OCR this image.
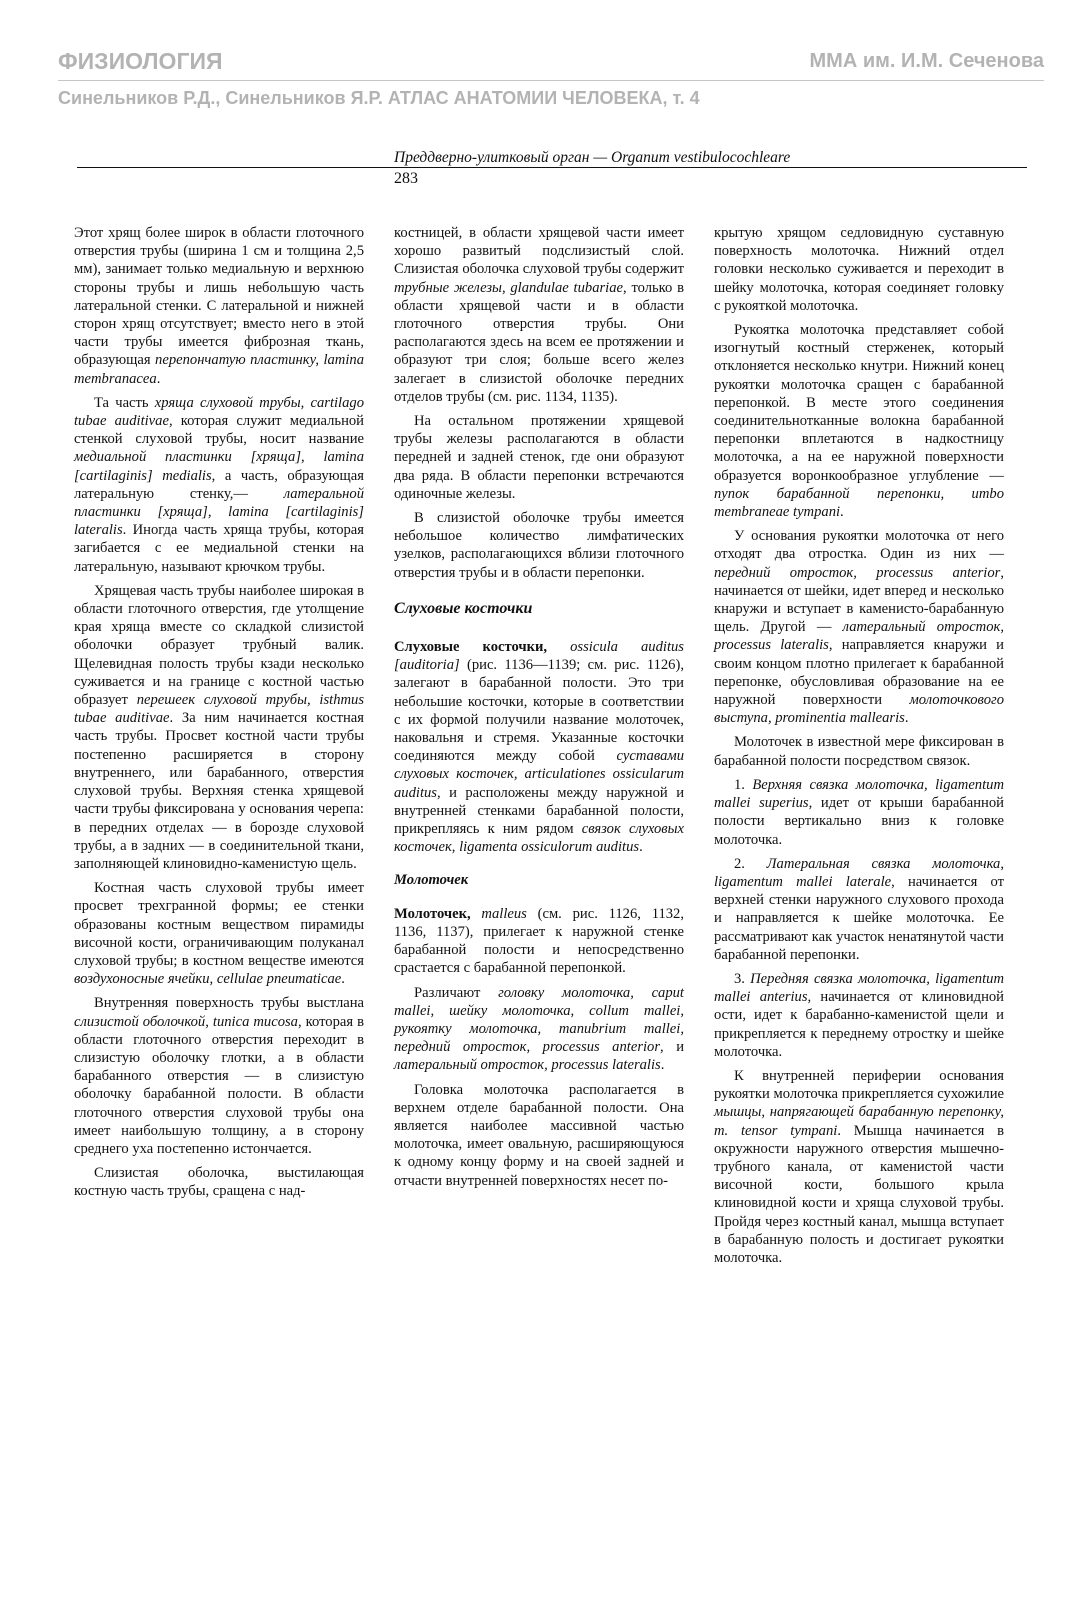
ФИЗИОЛОГИЯ	ММА им. И.М. Сеченова
Синельников Р.Д., Синельников Я.Р. АТЛАС АНАТОМИИ ЧЕЛОВЕКА, т. 4
Преддверно-улитковый орган — Organum vestibulocochleare
283

Этот хрящ более широк в области глоточного отверстия трубы (ширина 1 см и толщина 2,5 мм), занимает только медиальную и верхнюю стороны трубы и лишь небольшую часть латеральной стенки. С латеральной и нижней сторон хрящ отсутствует; вместо него в этой части трубы имеется фиброзная ткань, образующая перепончатую пластинку, lamina membranacea.

Та часть хряща слуховой трубы, cartilago tubae auditivae, которая служит медиальной стенкой слуховой трубы, носит название медиальной пластинки [хряща], lamina [cartilaginis] medialis, а часть, образующая латеральную стенку,— латеральной пластинки [хряща], lamina [cartilaginis] lateralis. Иногда часть хряща трубы, которая загибается с ее медиальной стенки на латеральную, называют крючком трубы.

Хрящевая часть трубы наиболее широкая в области глоточного отверстия, где утолщение края хряща вместе со складкой слизистой оболочки образует трубный валик. Щелевидная полость трубы кзади несколько суживается и на границе с костной частью образует перешеек слуховой трубы, isthmus tubae auditivae. За ним начинается костная часть трубы. Просвет костной части трубы постепенно расширяется в сторону внутреннего, или барабанного, отверстия слуховой трубы. Верхняя стенка хрящевой части трубы фиксирована у основания черепа: в передних отделах — в борозде слуховой трубы, а в задних — в соединительной ткани, заполняющей клиновидно-каменистую щель.

Костная часть слуховой трубы имеет просвет трехгранной формы; ее стенки образованы костным веществом пирамиды височной кости, ограничивающим полуканал слуховой трубы; в костном веществе имеются воздухоносные ячейки, cellulae pneumaticae.

Внутренняя поверхность трубы выстлана слизистой оболочкой, tunica mucosa, которая в области глоточного отверстия переходит в слизистую оболочку глотки, а в области барабанного отверстия — в слизистую оболочку барабанной полости. В области глоточного отверстия слуховой трубы она имеет наибольшую толщину, а в сторону среднего уха постепенно истончается.

Слизистая оболочка, выстилающая костную часть трубы, сращена с над-

костницей, в области хрящевой части имеет хорошо развитый подслизистый слой. Слизистая оболочка слуховой трубы содержит трубные железы, glandulae tubariae, только в области хрящевой части и в области глоточного отверстия трубы. Они располагаются здесь на всем ее протяжении и образуют три слоя; больше всего желез залегает в слизистой оболочке передних отделов трубы (см. рис. 1134, 1135).

На остальном протяжении хрящевой трубы железы располагаются в области передней и задней стенок, где они образуют два ряда. В области перепонки встречаются одиночные железы.

В слизистой оболочке трубы имеется небольшое количество лимфатических узелков, располагающихся вблизи глоточного отверстия трубы и в области перепонки.

Слуховые косточки

Слуховые косточки, ossicula auditus [auditoria] (рис. 1136—1139; см. рис. 1126), залегают в барабанной полости. Это три небольшие косточки, которые в соответствии с их формой получили название молоточек, наковальня и стремя. Указанные косточки соединяются между собой суставами слуховых косточек, articulationes ossicularum auditus, и расположены между наружной и внутренней стенками барабанной полости, прикрепляясь к ним рядом связок слуховых косточек, ligamenta ossiculorum auditus.

Молоточек

Молоточек, malleus (см. рис. 1126, 1132, 1136, 1137), прилегает к наружной стенке барабанной полости и непосредственно срастается с барабанной перепонкой.

Различают головку молоточка, caput mallei, шейку молоточка, collum mallei, рукоятку молоточка, manubrium mallei, передний отросток, processus anterior, и латеральный отросток, processus lateralis.

Головка молоточка располагается в верхнем отделе барабанной полости. Она является наиболее массивной частью молоточка, имеет овальную, расширяющуюся к одному концу форму и на своей задней и отчасти внутренней поверхностях несет по-

крытую хрящом седловидную суставную поверхность молоточка. Нижний отдел головки несколько суживается и переходит в шейку молоточка, которая соединяет головку с рукояткой молоточка.

Рукоятка молоточка представляет собой изогнутый костный стерженек, который отклоняется несколько кнутри. Нижний конец рукоятки молоточка сращен с барабанной перепонкой. В месте этого соединения соединительнотканные волокна барабанной перепонки вплетаются в надкостницу молоточка, а на ее наружной поверхности образуется воронкообразное углубление — пупок барабанной перепонки, umbo membraneae tympani.

У основания рукоятки молоточка от него отходят два отростка. Один из них — передний отросток, processus anterior, начинается от шейки, идет вперед и несколько кнаружи и вступает в каменисто-барабанную щель. Другой — латеральный отросток, processus lateralis, направляется кнаружи и своим концом плотно прилегает к барабанной перепонке, обусловливая образование на ее наружной поверхности молоточкового выступа, prominentia mallearis.

Молоточек в известной мере фиксирован в барабанной полости посредством связок.

1. Верхняя связка молоточка, ligamentum mallei superius, идет от крыши барабанной полости вертикально вниз к головке молоточка.

2. Латеральная связка молоточка, ligamentum mallei laterale, начинается от верхней стенки наружного слухового прохода и направляется к шейке молоточка. Ее рассматривают как участок ненатянутой части барабанной перепонки.

3. Передняя связка молоточка, ligamentum mallei anterius, начинается от клиновидной ости, идет к барабанно-каменистой щели и прикрепляется к переднему отростку и шейке молоточка.

К внутренней периферии основания рукоятки молоточка прикрепляется сухожилие мышцы, напрягающей барабанную перепонку, m. tensor tympani. Мышца начинается в окружности наружного отверстия мышечно-трубного канала, от каменистой части височной кости, большого крыла клиновидной кости и хряща слуховой трубы. Пройдя через костный канал, мышца вступает в барабанную полость и достигает рукоятки молоточка.
